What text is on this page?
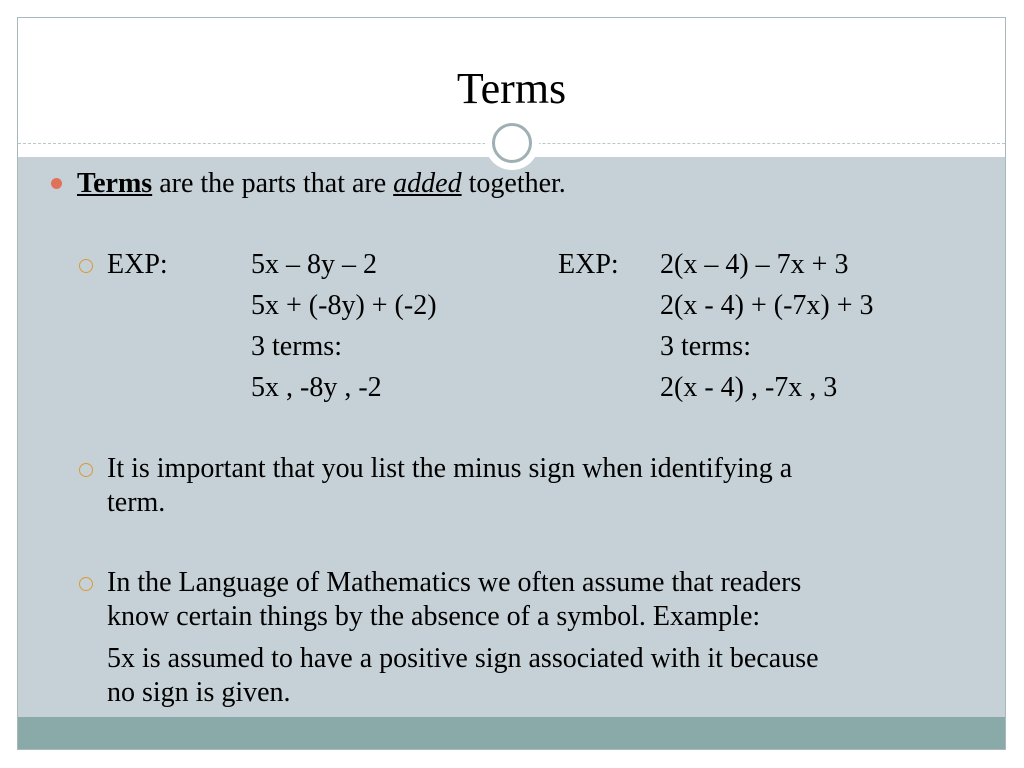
Terms
Terms are the parts that are added together.
EXP:	5x – 8y – 2
5x + (-8y) + (-2)
3 terms:
5x , -8y , -2
EXP: 2(x – 4) – 7x + 3
2(x - 4) + (-7x) + 3
3 terms:
2(x - 4) , -7x , 3
It is important that you list the minus sign when identifying a
term.
In the Language of Mathematics we often assume that readers
know certain things by the absence of a symbol. Example:
5x is assumed to have a positive sign associated with it because
no sign is given.
